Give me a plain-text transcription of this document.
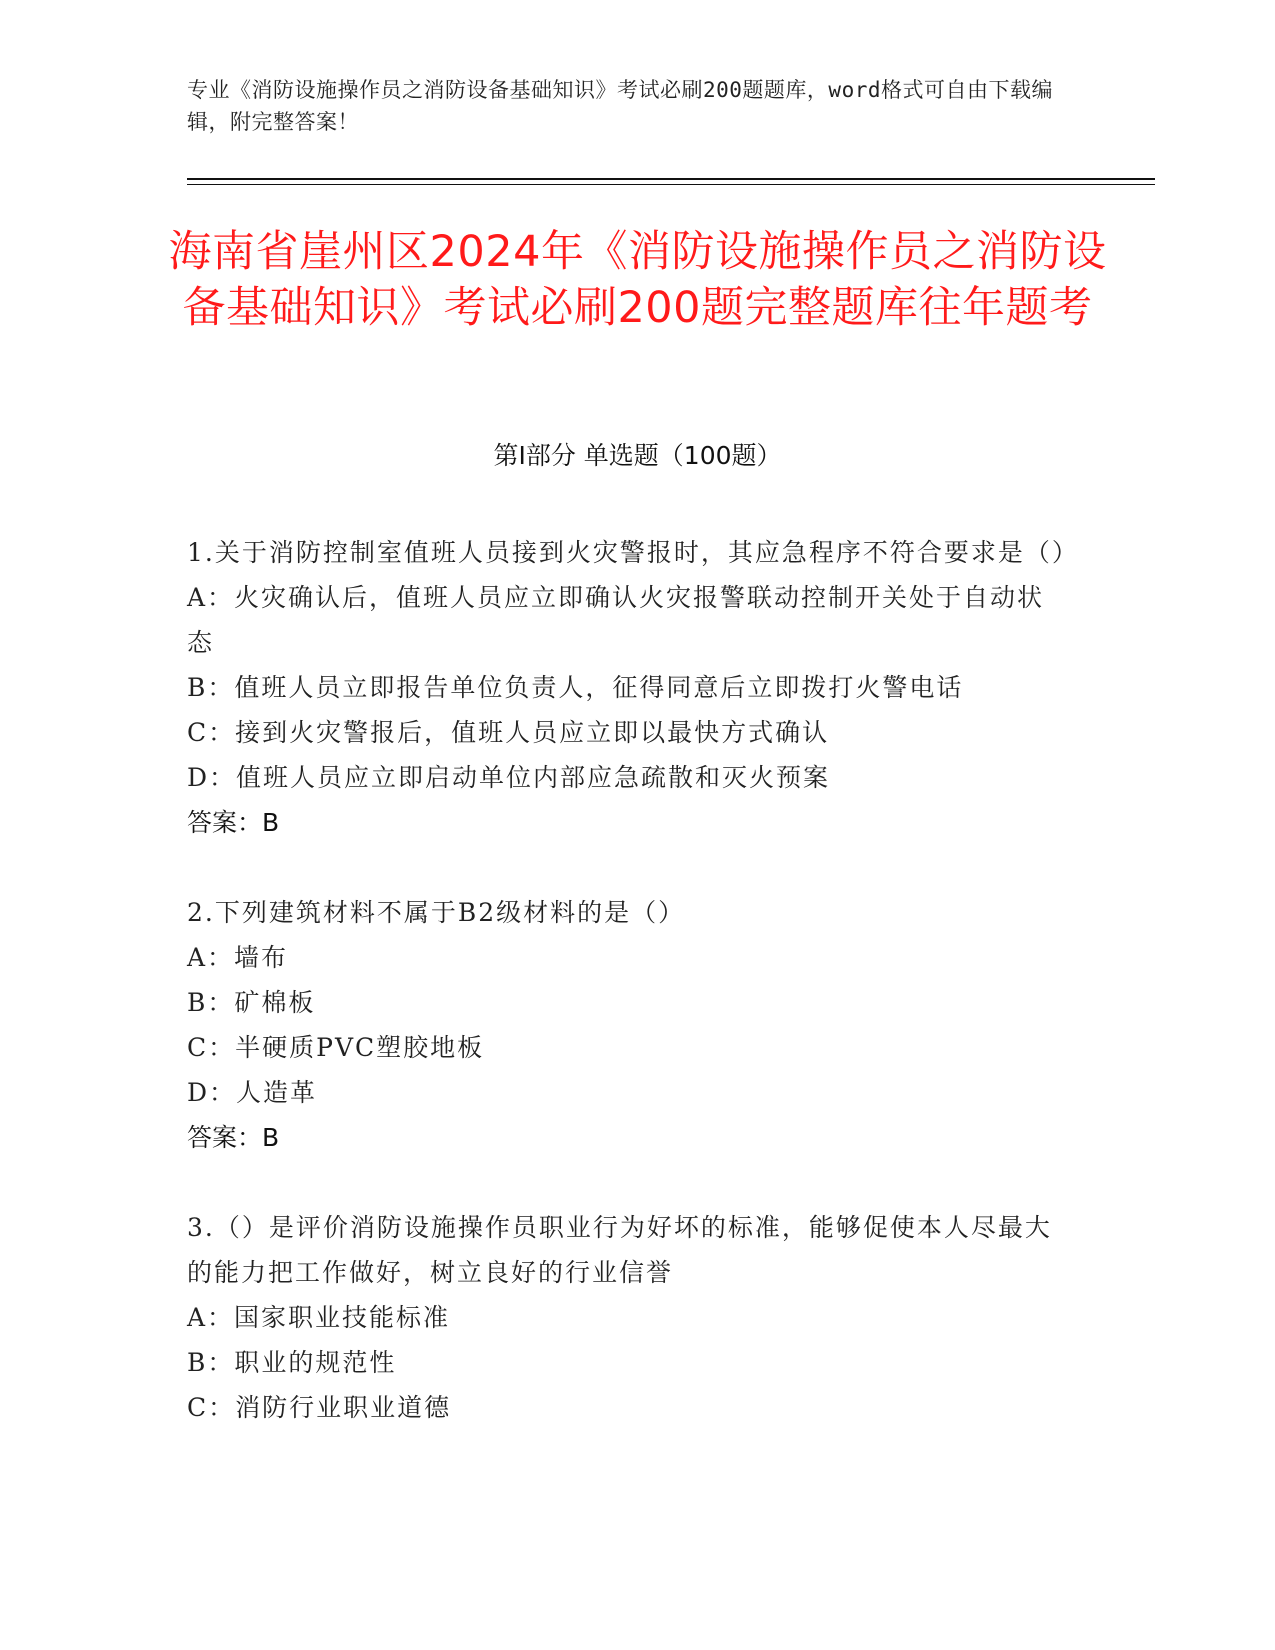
专业《消防设施操作员之消防设备基础知识》考试必刷200题题库，word格式可自由下载编辑，附完整答案！
海南省崖州区2024年《消防设施操作员之消防设备基础知识》考试必刷200题完整题库往年题考
第Ⅰ部分 单选题（100题）

1.关于消防控制室值班人员接到火灾警报时，其应急程序不符合要求是（）

A：火灾确认后，值班人员应立即确认火灾报警联动控制开关处于自动状态

B：值班人员立即报告单位负责人，征得同意后立即拨打火警电话

C：接到火灾警报后，值班人员应立即以最快方式确认

D：值班人员应立即启动单位内部应急疏散和灭火预案

答案：B

2.下列建筑材料不属于B2级材料的是（）

A：墙布

B：矿棉板

C：半硬质PVC塑胶地板

D：人造革

答案：B

3.（）是评价消防设施操作员职业行为好坏的标准，能够促使本人尽最大的能力把工作做好，树立良好的行业信誉

A：国家职业技能标准

B：职业的规范性

C：消防行业职业道德
